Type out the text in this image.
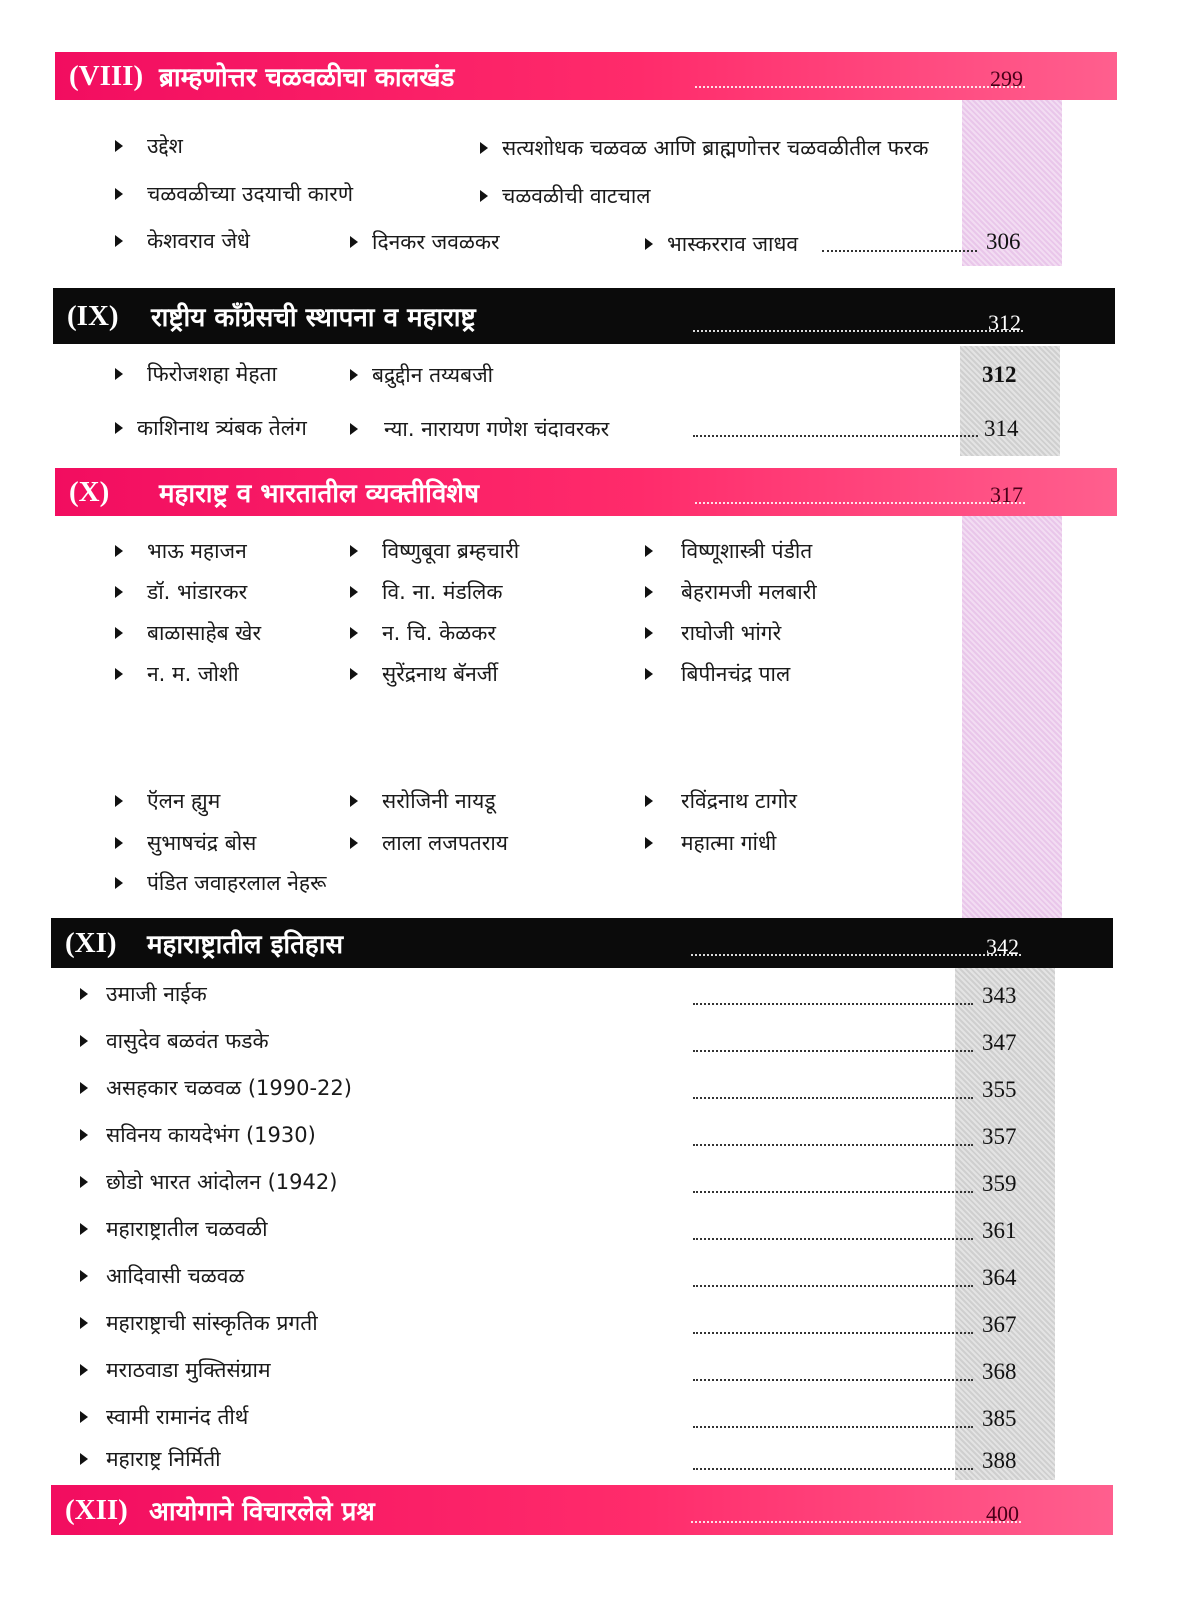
(VIII) ब्राम्हणोत्तर चळवळीचा कालखंड	299
उद्देश	सत्यशोधक चळवळ आणि ब्राह्मणोत्तर चळवळीतील फरक
चळवळीच्या उदयाची कारणे	चळवळीची वाटचाल
केशवराव जेधे	दिनकर जवळकर	भास्करराव जाधव	306
(IX)	राष्ट्रीय काँग्रेसची स्थापना व महाराष्ट्र	312
फिरोजशहा मेहता	बद्रुद्दीन तय्यबजी	312
काशिनाथ त्र्यंबक तेलंग	न्या. नारायण गणेश चंदावरकर	314
(X)	महाराष्ट्र व भारतातील व्यक्तीविशेष	317
भाऊ महाजन	विष्णुबूवा ब्रम्हचारी	विष्णूशास्त्री पंडीत
डॉ. भांडारकर	वि. ना. मंडलिक	बेहरामजी मलबारी
बाळासाहेब खेर	न. चि. केळकर	राघोजी भांगरे
न. म. जोशी	सुरेंद्रनाथ बॅनर्जी	बिपीनचंद्र पाल
ऍलन ह्युम	सरोजिनी नायडू	रविंद्रनाथ टागोर
सुभाषचंद्र बोस	लाला लजपतराय	महात्मा गांधी
पंडित जवाहरलाल नेहरू
(XI)	महाराष्ट्रातील इतिहास	342
उमाजी नाईक	343
वासुदेव बळवंत फडके	347
असहकार चळवळ (1990-22)	355
सविनय कायदेभंग (1930)	357
छोडो भारत आंदोलन (1942)	359
महाराष्ट्रातील चळवळी	361
आदिवासी चळवळ	364
महाराष्ट्राची सांस्कृतिक प्रगती	367
मराठवाडा मुक्तिसंग्राम	368
स्वामी रामानंद तीर्थ	385
महाराष्ट्र निर्मिती	388
(XII) आयोगाने विचारलेले प्रश्न	400
